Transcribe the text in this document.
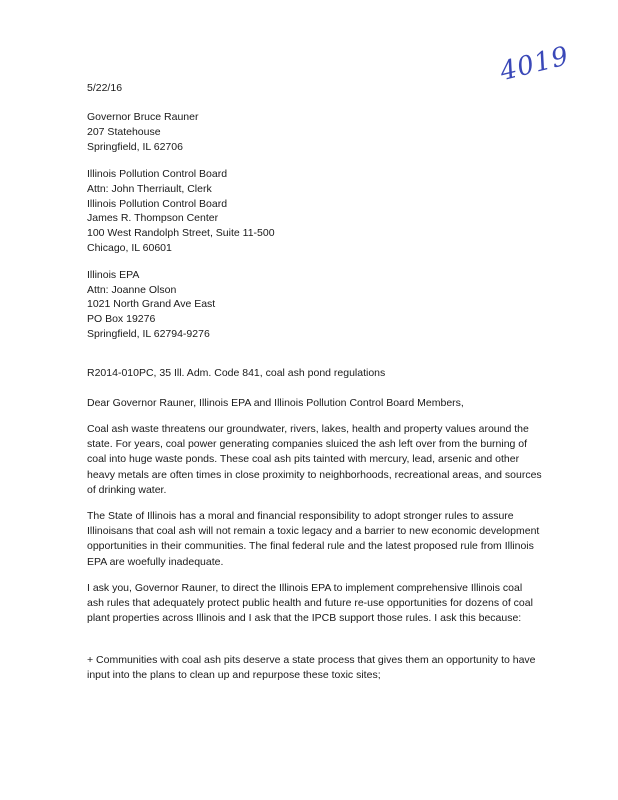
4019
5/22/16
Governor Bruce Rauner
207 Statehouse
Springfield, IL 62706
Illinois Pollution Control Board
Attn: John Therriault, Clerk
Illinois Pollution Control Board
James R. Thompson Center
100 West Randolph Street, Suite 11-500
Chicago, IL 60601
Illinois EPA
Attn: Joanne Olson
1021 North Grand Ave East
PO Box 19276
Springfield, IL 62794-9276
R2014-010PC, 35 Ill. Adm. Code 841, coal ash pond regulations
Dear Governor Rauner, Illinois EPA and Illinois Pollution Control Board Members,

Coal ash waste threatens our groundwater, rivers, lakes, health and property values around the state. For years, coal power generating companies sluiced the ash left over from the burning of coal into huge waste ponds. These coal ash pits tainted with mercury, lead, arsenic and other heavy metals are often times in close proximity to neighborhoods, recreational areas, and sources of drinking water.

The State of Illinois has a moral and financial responsibility to adopt stronger rules to assure Illinoisans that coal ash will not remain a toxic legacy and a barrier to new economic development opportunities in their communities. The final federal rule and the latest proposed rule from Illinois EPA are woefully inadequate.

I ask you, Governor Rauner, to direct the Illinois EPA to implement comprehensive Illinois coal ash rules that adequately protect public health and future re-use opportunities for dozens of coal plant properties across Illinois and I ask that the IPCB support those rules. I ask this because:

+ Communities with coal ash pits deserve a state process that gives them an opportunity to have input into the plans to clean up and repurpose these toxic sites;
